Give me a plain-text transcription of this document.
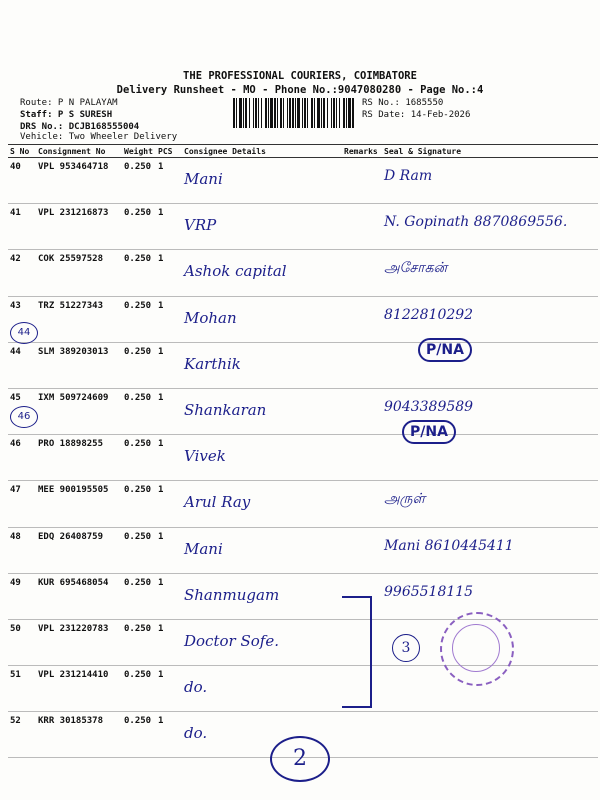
THE PROFESSIONAL COURIERS, COIMBATORE
Delivery Runsheet - MO - Phone No.:9047080280 - Page No.:4
Route: P N PALAYAM
Staff: P S SURESH
DRS No.: DCJB168555004
Vehicle: Two Wheeler Delivery
RS No.: 1685550
RS Date: 14-Feb-2026
S No	Consignment No	Weight	PCS	Consignee Details	Remarks	Seal & Signature
40	VPL 953464718	0.250	1	Mani		D Ram
41	VPL 231216873	0.250	1	VRP		N. Gopinath 8870869556.
42	COK 25597528	0.250	1	Ashok capital		அசோகன்
43	TRZ 51227343	0.250	1	Mohan		8122810292
44	SLM 389203013	0.250	1	Karthik		
45	IXM 509724609	0.250	1	Shankaran		9043389589
46	PRO 18898255	0.250	1	Vivek		
47	MEE 900195505	0.250	1	Arul Ray		அருள்
48	EDQ 26408759	0.250	1	Mani		Mani 8610445411
49	KUR 695468054	0.250	1	Shanmugam		9965518115
50	VPL 231220783	0.250	1	Doctor Sofe.		
51	VPL 231214410	0.250	1	do.		
52	KRR 30185378	0.250	1	do.		
44
46
P/NA
P/NA
3
2
